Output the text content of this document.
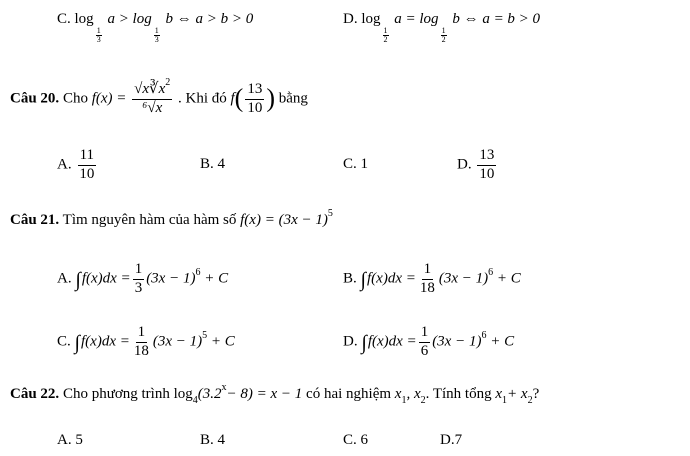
C. log
$\frac{1}{3}$
a > log
$\frac{1}{3}$
b ⇔ a > b > 0	D. log
$\frac{1}{2}$
a = log
$\frac{1}{2}$
b ⇔ a = b > 0
Câu 20. Cho $f(x) = \frac{√x∛x^2}{\text{⁶√x}}$ . Khi đó $f( \frac{13}{10}$ ) bằng
A. $\frac{11}{10}$	B. 4	C. 1	D. $\frac{13}{10}$
Câu 21. Tìm nguyên hàm của hàm số $f(x) = (3x - 1)^5$
A. $\int f(x)dx = \frac{1}{3} (3x - 1)^6 + C$	B. $\int f(x)dx = \frac{1}{18} (3x - 1)^6 + C$
C. $\int f(x)dx = \frac{1}{18} (3x - 1)^5 + C$	D. $\int f(x)dx = \frac{1}{6} (3x - 1)^6 + C$
Câu 22. Cho phương trình $\log_4(3.2^x- 8) = x - 1$ có hai nghiệm $x_1$, $x_2$. Tính tổng $x_1+ x_2$?
A. 5	B. 4	C. 6	D.7
